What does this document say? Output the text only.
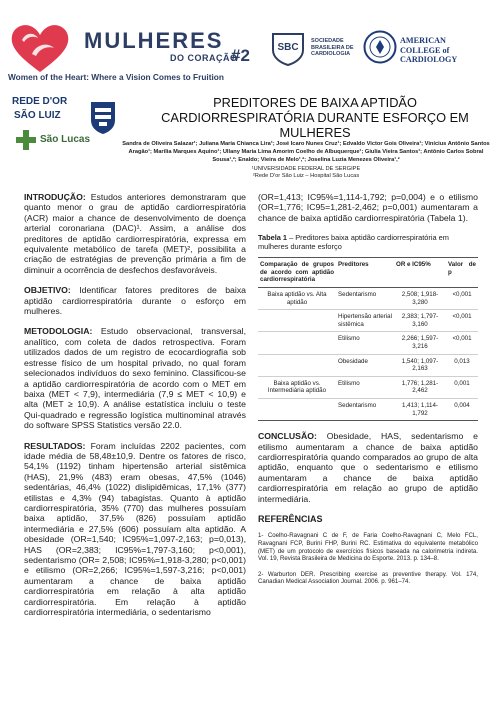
MULHERES
DO CORAÇÃO
#2
Women of the Heart: Where a Vision Comes to Fruition
SBC
SOCIEDADE
BRASILEIRA DE
CARDIOLOGIA
AMERICAN
COLLEGE of
CARDIOLOGY
REDE D'OR
SÃO LUIZ
São Lucas
PREDITORES DE BAIXA APTIDÃO CARDIORRESPIRATÓRIA DURANTE ESFORÇO EM MULHERES
Sandra de Oliveira Salazar¹; Juliana Maria Chianca Lira¹; José Icaro Nunes Cruz¹; Edvaldo Victor Gois Oliveira¹; Vinícius Antônio Santos Aragão¹; Marília Marques Aquino¹; Ullany Maria Lima Amorim Coelho de Albuquerque¹; Giulia Vieira Santos¹; Antônio Carlos Sobral Sousa¹,²; Enaldo; Vieira de Melo¹,²; Joselina Luzia Menezes Oliveira¹,²
¹UNIVERSIDADE FEDERAL DE SERGIPE
²Rede D'or São Luiz – Hospital São Lucas

INTRODUÇÃO: Estudos anteriores demonstraram que quanto menor o grau de aptidão cardiorrespiratória (ACR) maior a chance de desenvolvimento de doença arterial coronariana (DAC)¹. Assim, a análise dos preditores de aptidão cardiorrespiratória, expressa em equivalente metabólico de tarefa (MET)², possibilita a criação de estratégias de prevenção primária a fim de diminuir a ocorrência de desfechos desfavoráveis.

OBJETIVO: Identificar fatores preditores de baixa aptidão cardiorrespiratória durante o esforço em mulheres.

METODOLOGIA: Estudo observacional, transversal, analítico, com coleta de dados retrospectiva. Foram utilizados dados de um registro de ecocardiografia sob estresse físico de um hospital privado, no qual foram selecionados indivíduos do sexo feminino. Classificou-se a aptidão cardiorrespiratória de acordo com o MET em baixa (MET < 7,9), intermediária (7,9 ≤ MET < 10,9) e alta (MET ≥ 10,9). A análise estatística incluiu o teste Qui-quadrado e regressão logística multinominal através do software SPSS Statistics versão 22.0.

RESULTADOS: Foram incluídas 2202 pacientes, com idade média de 58,48±10,9. Dentre os fatores de risco, 54,1% (1192) tinham hipertensão arterial sistêmica (HAS), 21,9% (483) eram obesas, 47,5% (1046) sedentárias, 46,4% (1022) dislipidêmicas, 17,1% (377) etilistas e 4,3% (94) tabagistas. Quanto à aptidão cardiorrespiratória, 35% (770) das mulheres possuíam baixa aptidão, 37,5% (826) possuíam aptidão intermediária e 27,5% (606) possuíam alta aptidão. A obesidade (OR=1,540; IC95%=1,097-2,163; p=0,013), HAS (OR=2,383; IC95%=1,797-3,160; p<0,001), sedentarismo (OR= 2,508; IC95%=1,918-3,280; p<0,001) e etilismo (OR=2,266; IC95%=1,597-3,216; p<0,001) aumentaram a chance de baixa aptidão cardiorrespiratória em relação à alta aptidão cardiorrespiratória. Em relação à aptidão cardiorrespiratória intermediária, o sedentarismo

(OR=1,413; IC95%=1,114-1,792; p=0,004) e o etilismo (OR=1,776; IC95=1,281-2,462; p=0,001) aumentaram a chance de baixa aptidão cardiorrespiratória (Tabela 1).

Tabela 1 – Preditores baixa aptidão cardiorrespiratória em mulheres durante esforço
Comparação de grupos de acordo com aptidão cardiorrespiratória	Preditores	OR e IC95%	Valor de p
Baixa aptidão vs. Alta aptidão	Sedentarismo	2,508; 1,918-3,280	<0,001
	Hipertensão arterial sistêmica	2,383; 1,797-3,160	<0,001
	Etilismo	2,266; 1,597-3,216	<0,001
	Obesidade	1,540; 1,097-2,163	0,013
Baixa aptidão vs. Intermediária aptidão	Etilismo	1,776; 1,281-2,462	0,001
	Sedentarismo	1,413; 1,114-1,792	0,004

CONCLUSÃO: Obesidade, HAS, sedentarismo e etilismo aumentaram a chance de baixa aptidão cardiorrespiratória quando comparados ao grupo de alta aptidão, enquanto que o sedentarismo e etilismo aumentaram a chance de baixa aptidão cardiorrespiratória em relação ao grupo de aptidão intermediária.

REFERÊNCIAS
1- Coelho-Ravagnani C de F, de Faria Coelho-Ravagnani C, Melo FCL, Ravagnani FCP, Burini FHP, Burini RC. Estimativa do equivalente metabólico (MET) de um protocolo de exercícios físicos baseada na calorimetria indireta. Vol. 19, Revista Brasileira de Medicina do Esporte. 2013. p. 134–8.
2- Warburton DER. Prescribing exercise as preventive therapy. Vol. 174, Canadian Medical Association Journal. 2006. p. 961–74.
